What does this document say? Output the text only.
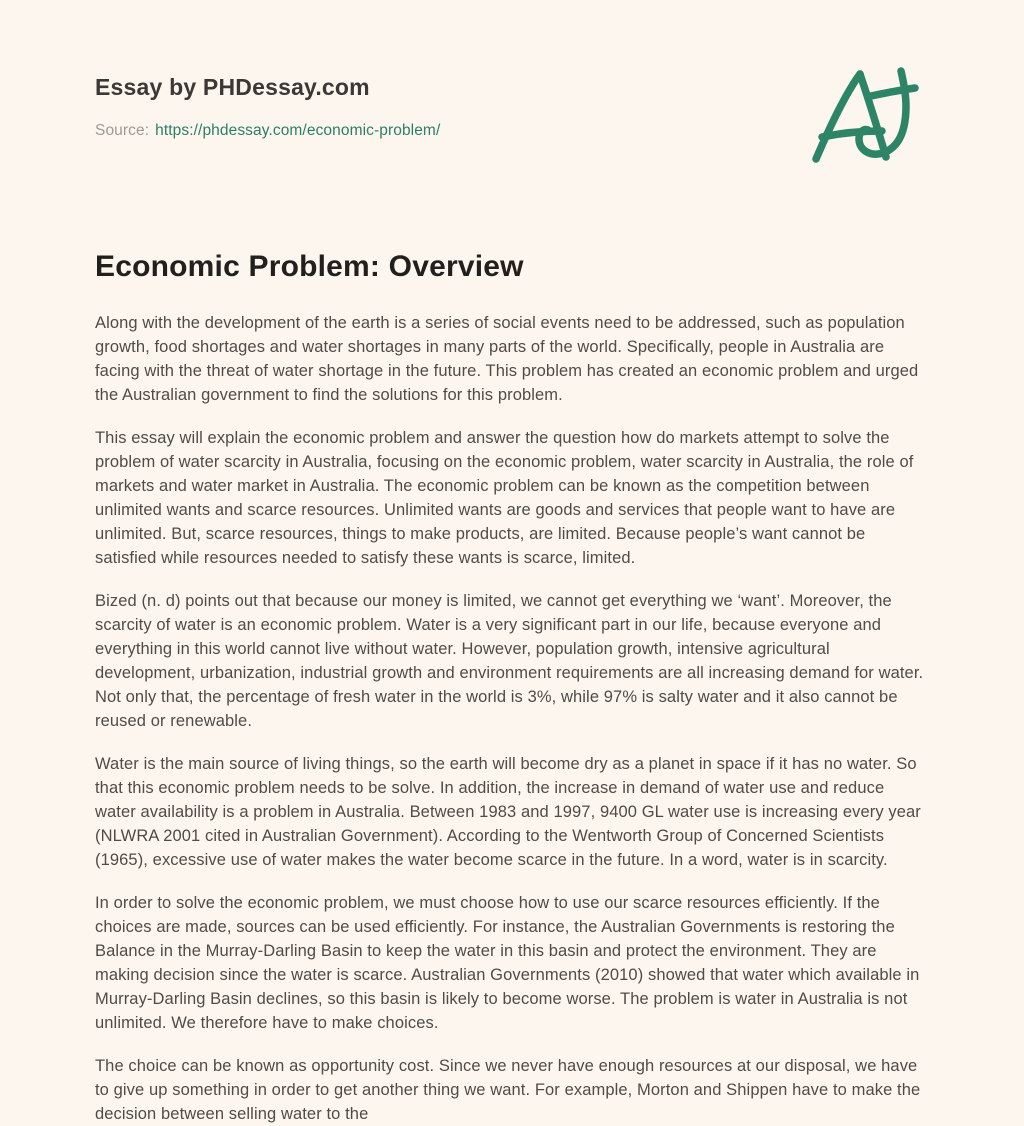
Essay by PHDessay.com

Source: https://phdessay.com/economic-problem/

Economic Problem: Overview

Along with the development of the earth is a series of social events need to be addressed, such as population growth, food shortages and water shortages in many parts of the world. Specifically, people in Australia are facing with the threat of water shortage in the future. This problem has created an economic problem and urged the Australian government to find the solutions for this problem.

This essay will explain the economic problem and answer the question how do markets attempt to solve the problem of water scarcity in Australia, focusing on the economic problem, water scarcity in Australia, the role of markets and water market in Australia. The economic problem can be known as the competition between unlimited wants and scarce resources. Unlimited wants are goods and services that people want to have are unlimited. But, scarce resources, things to make products, are limited. Because people’s want cannot be satisfied while resources needed to satisfy these wants is scarce, limited.

Bized (n. d) points out that because our money is limited, we cannot get everything we ‘want’. Moreover, the scarcity of water is an economic problem. Water is a very significant part in our life, because everyone and everything in this world cannot live without water. However, population growth, intensive agricultural development, urbanization, industrial growth and environment requirements are all increasing demand for water. Not only that, the percentage of fresh water in the world is 3%, while 97% is salty water and it also cannot be reused or renewable.

Water is the main source of living things, so the earth will become dry as a planet in space if it has no water. So that this economic problem needs to be solve. In addition, the increase in demand of water use and reduce water availability is a problem in Australia. Between 1983 and 1997, 9400 GL water use is increasing every year (NLWRA 2001 cited in Australian Government). According to the Wentworth Group of Concerned Scientists (1965), excessive use of water makes the water become scarce in the future. In a word, water is in scarcity.

In order to solve the economic problem, we must choose how to use our scarce resources efficiently. If the choices are made, sources can be used efficiently. For instance, the Australian Governments is restoring the Balance in the Murray-Darling Basin to keep the water in this basin and protect the environment. They are making decision since the water is scarce. Australian Governments (2010) showed that water which available in Murray-Darling Basin declines, so this basin is likely to become worse. The problem is water in Australia is not unlimited. We therefore have to make choices.

The choice can be known as opportunity cost. Since we never have enough resources at our disposal, we have to give up something in order to get another thing we want. For example, Morton and Shippen have to make the decision between selling water to the
